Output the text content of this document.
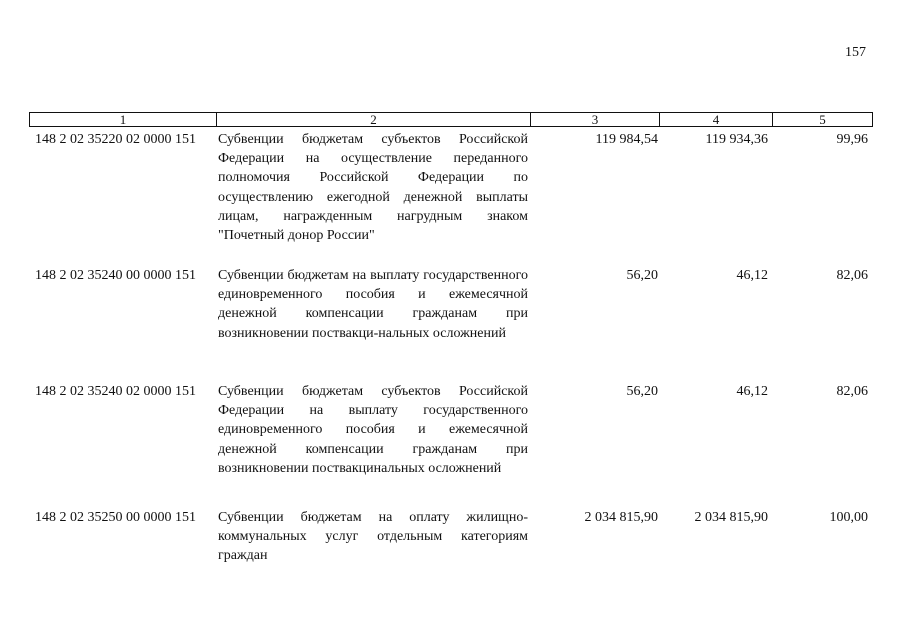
157
1	2	3	4	5
148 2 02 35220 02 0000 151 Субвенции бюджетам субъектов Российской Федерации на осуществление переданного полномочия Российской Федерации по осуществлению ежегодной денежной выплаты лицам, награжденным нагрудным знаком "Почетный донор России"
119 984,54	119 934,36	99,96
148 2 02 35240 00 0000 151 Субвенции бюджетам на выплату государственного единовременного пособия и ежемесячной денежной компенсации гражданам при возникновении поствакци-нальных осложнений
56,20	46,12	82,06
148 2 02 35240 02 0000 151 Субвенции бюджетам субъектов Российской Федерации на выплату государственного единовременного пособия и ежемесячной денежной компенсации гражданам при возникновении поствакцинальных осложнений
56,20	46,12	82,06
148 2 02 35250 00 0000 151 Субвенции бюджетам на оплату жилищно-коммунальных услуг отдельным категориям граждан
2 034 815,90	2 034 815,90	100,00
